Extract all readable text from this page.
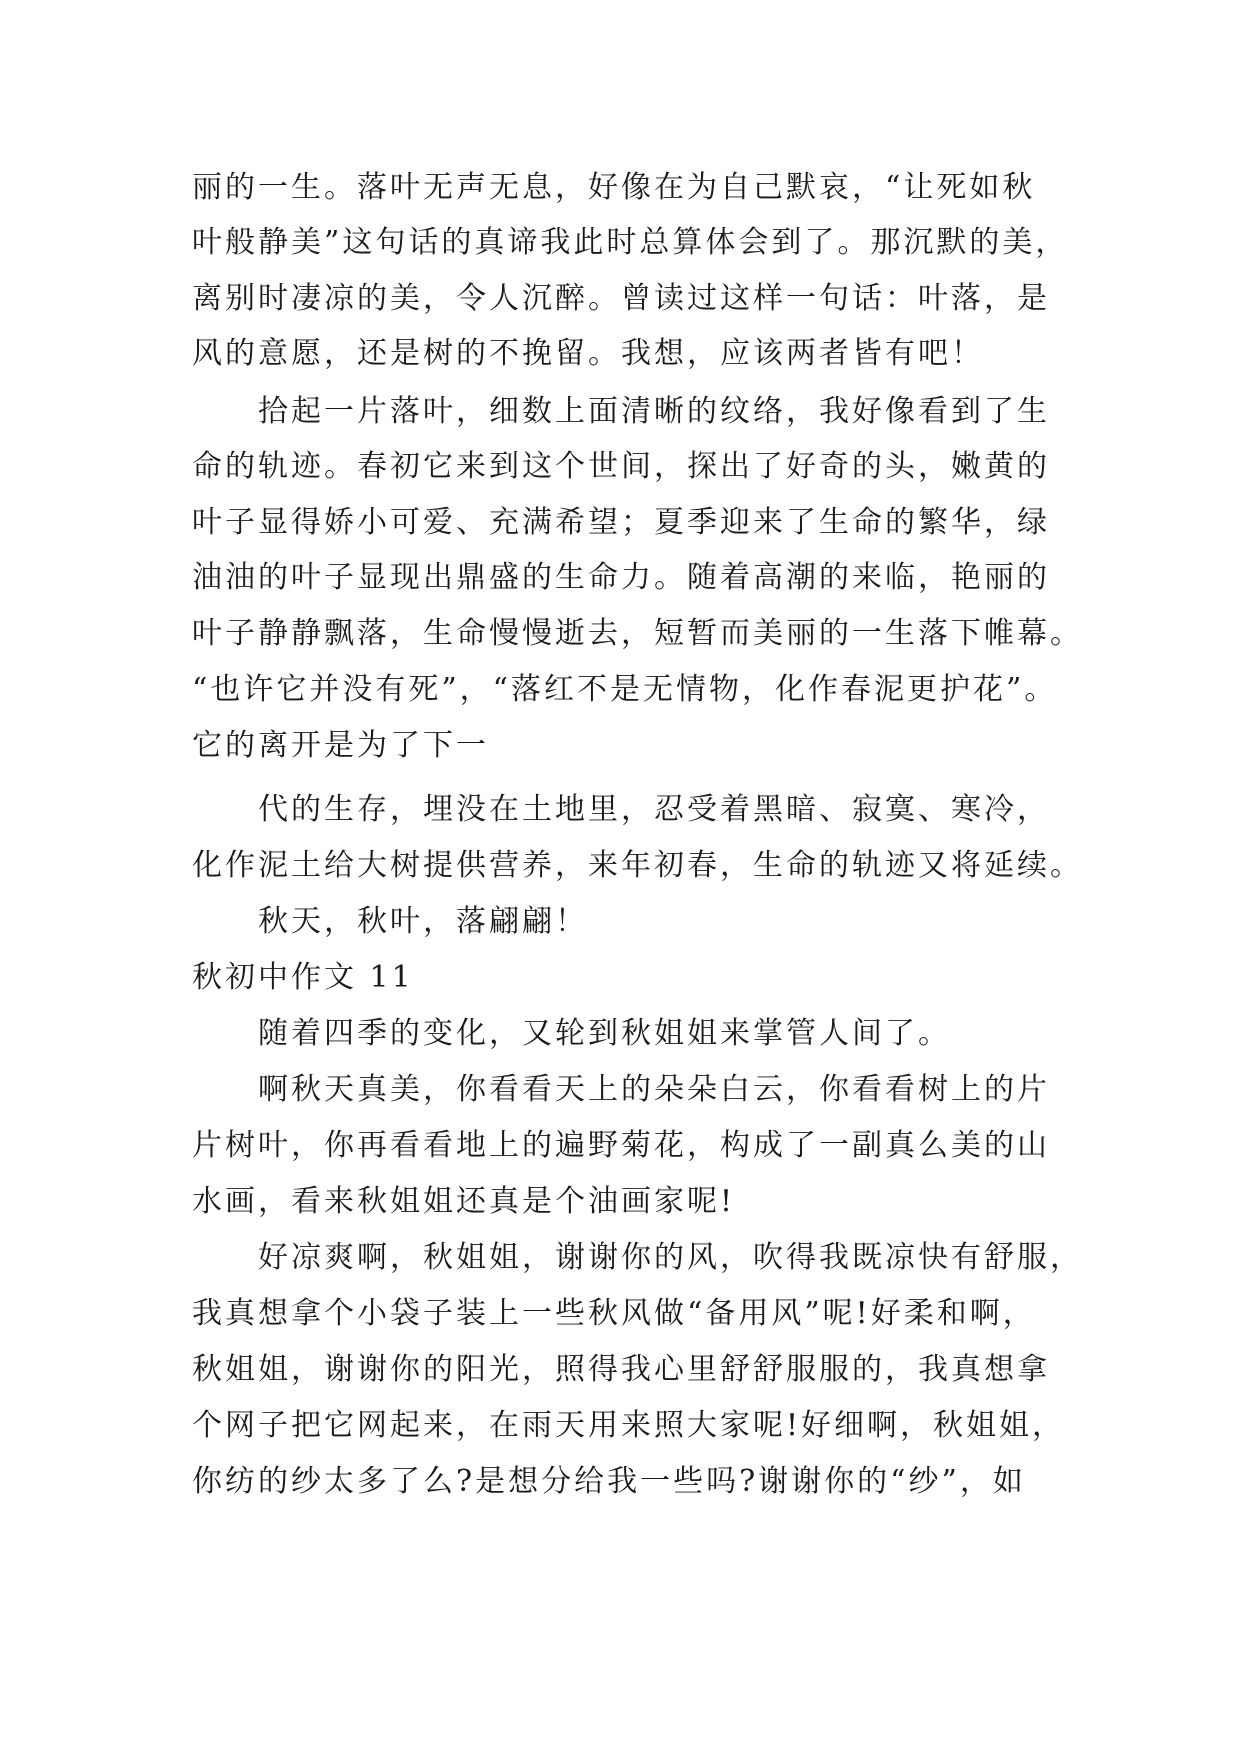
丽的一生。落叶无声无息，好像在为自己默哀，“让死如秋
叶般静美”这句话的真谛我此时总算体会到了。那沉默的美，
离别时凄凉的美，令人沉醉。曾读过这样一句话：叶落，是
风的意愿，还是树的不挽留。我想，应该两者皆有吧！
拾起一片落叶，细数上面清晰的纹络，我好像看到了生
命的轨迹。春初它来到这个世间，探出了好奇的头，嫩黄的
叶子显得娇小可爱、充满希望；夏季迎来了生命的繁华，绿
油油的叶子显现出鼎盛的生命力。随着高潮的来临，艳丽的
叶子静静飘落，生命慢慢逝去，短暂而美丽的一生落下帷幕。
“也许它并没有死”，“落红不是无情物，化作春泥更护花”。
它的离开是为了下一
代的生存，埋没在土地里，忍受着黑暗、寂寞、寒冷，
化作泥土给大树提供营养，来年初春，生命的轨迹又将延续。
秋天，秋叶，落翩翩！
秋初中作文 11
随着四季的变化，又轮到秋姐姐来掌管人间了。
啊秋天真美，你看看天上的朵朵白云，你看看树上的片
片树叶，你再看看地上的遍野菊花，构成了一副真么美的山
水画，看来秋姐姐还真是个油画家呢!
好凉爽啊，秋姐姐，谢谢你的风，吹得我既凉快有舒服，
我真想拿个小袋子装上一些秋风做“备用风”呢!好柔和啊，
秋姐姐，谢谢你的阳光，照得我心里舒舒服服的，我真想拿
个网子把它网起来，在雨天用来照大家呢!好细啊，秋姐姐，
你纺的纱太多了么?是想分给我一些吗?谢谢你的“纱”，如
